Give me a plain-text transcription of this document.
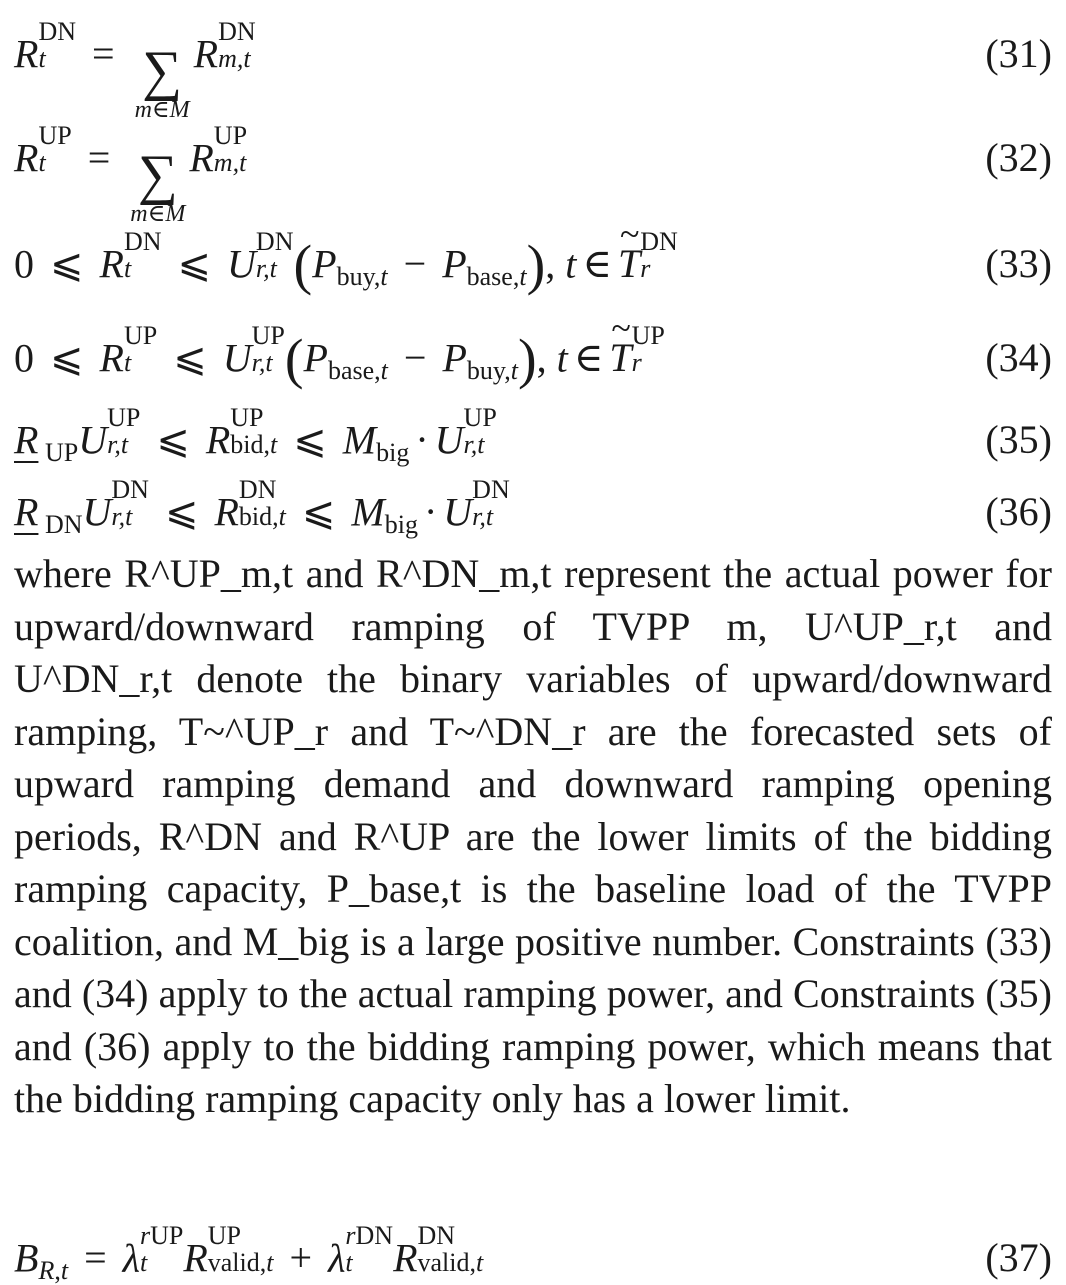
R DN
t	= ∑
m∈M
R DN
m,t	(31)
R UP
t	= ∑
m∈M
R UP
m,t	(32)
0 ⩽ R DN
t	⩽ U DN
r,t (Pbuy,t − Pbase,t), t ∈ ~ T DN
r	(33)
0 ⩽ R UP
t	⩽ U UP
r,t (Pbase,t − Pbuy,t), t ∈ ~ T UP
r	(34)
R UPU UP
r,t ⩽ R UP
bid,t ⩽ Mbig · U UP
r,t	(35)
R DNU DN
r,t ⩽ R DN
bid,t ⩽ Mbig · U DN
r,t	(36)

where R^UP_m,t and R^DN_m,t represent the actual power for upward/downward ramping of TVPP m, U^UP_r,t and U^DN_r,t denote the binary variables of upward/downward ramping, T~^UP_r and T~^DN_r are the forecasted sets of upward ramping demand and downward ramping opening periods, R^DN and R^UP are the lower limits of the bidding ramping capacity, P_base,t is the baseline load of the TVPP coalition, and M_big is a large positive number. Constraints (33) and (34) apply to the actual ramping power, and Constraints (35) and (36) apply to the bidding ramping power, which means that the bidding ramping capacity only has a lower limit.

BR,t = λ rUP
t R UP
valid,t + λ rDN
t	R DN
valid,t	(37)
